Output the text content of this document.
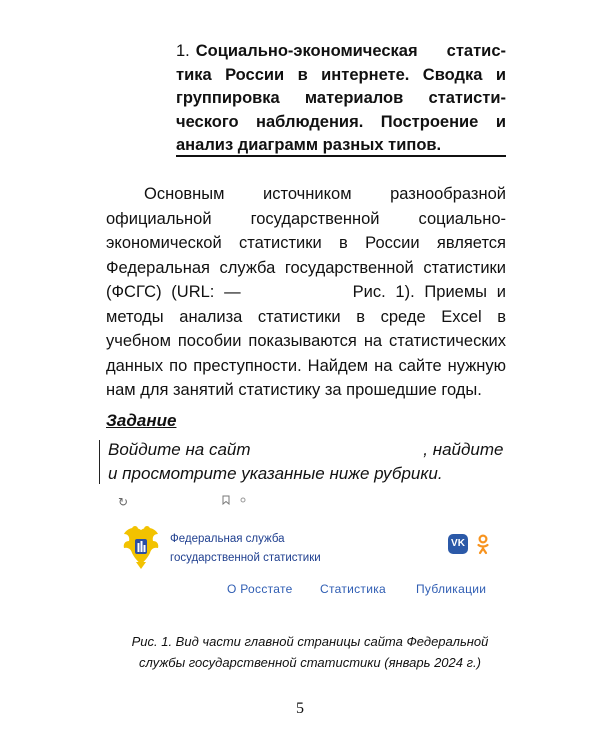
1. Социально-экономическая статис- тика России в интернете. Сводка и группировка материалов статисти- ческого наблюдения. Построение и анализ диаграмм разных типов.
Основным источником разнообразной официальной государственной социально-экономической статистики в России является Федеральная служба государственной статистики (ФСГС) (URL: —	Рис. 1). Приемы и методы анализа статистики в среде Excel в учебном пособии показываются на статистических данных по преступности. Найдем на сайте нужную нам для занятий статистику за прошедшие годы.
Задание
Войдите на сайт	, найдите и просмотрите указанные ниже рубрики.
↻
Федеральная служба
государственной статистики
VK
О Росстате Статистика Публикации
Рис. 1. Вид части главной страницы сайта Федеральной службы государственной статистики (январь 2024 г.)
5
